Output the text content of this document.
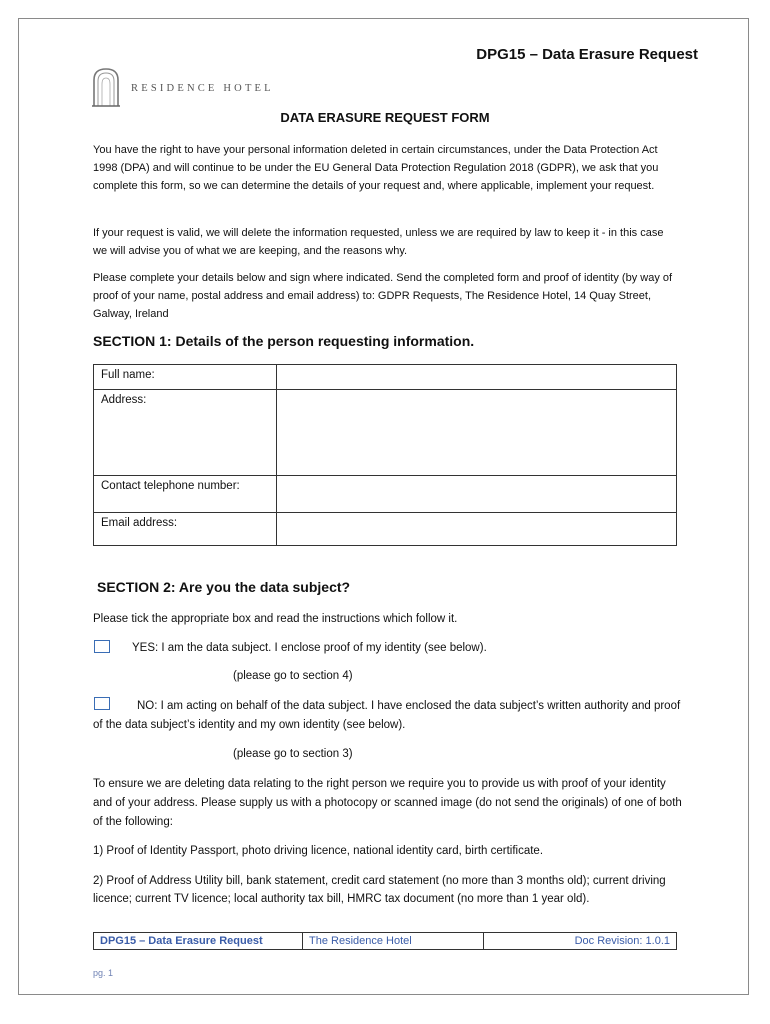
DPG15 – Data Erasure Request
RESIDENCE HOTEL
DATA ERASURE REQUEST FORM
You have the right to have your personal information deleted in certain circumstances, under the Data Protection Act 1998 (DPA) and will continue to be under the EU General Data Protection Regulation 2018 (GDPR), we ask that you complete this form, so we can determine the details of your request and, where applicable, implement your request.
If your request is valid, we will delete the information requested, unless we are required by law to keep it - in this case we will advise you of what we are keeping, and the reasons why.
Please complete your details below and sign where indicated. Send the completed form and proof of identity (by way of proof of your name, postal address and email address) to: GDPR Requests, The Residence Hotel, 14 Quay Street, Galway, Ireland
SECTION 1: Details of the person requesting information.
Full name:	
Address:	
Contact telephone number:	
Email address:	
SECTION 2: Are you the data subject?
Please tick the appropriate box and read the instructions which follow it.
YES: I am the data subject. I enclose proof of my identity (see below).
(please go to section 4)
NO: I am acting on behalf of the data subject. I have enclosed the data subject’s written authority and proof of the data subject’s identity and my own identity (see below).
(please go to section 3)
To ensure we are deleting data relating to the right person we require you to provide us with proof of your identity and of your address. Please supply us with a photocopy or scanned image (do not send the originals) of one of both of the following:
1) Proof of Identity Passport, photo driving licence, national identity card, birth certificate.
2) Proof of Address Utility bill, bank statement, credit card statement (no more than 3 months old); current driving licence; current TV licence; local authority tax bill, HMRC tax document (no more than 1 year old).
DPG15 – Data Erasure Request	The Residence Hotel	Doc Revision: 1.0.1
pg. 1
